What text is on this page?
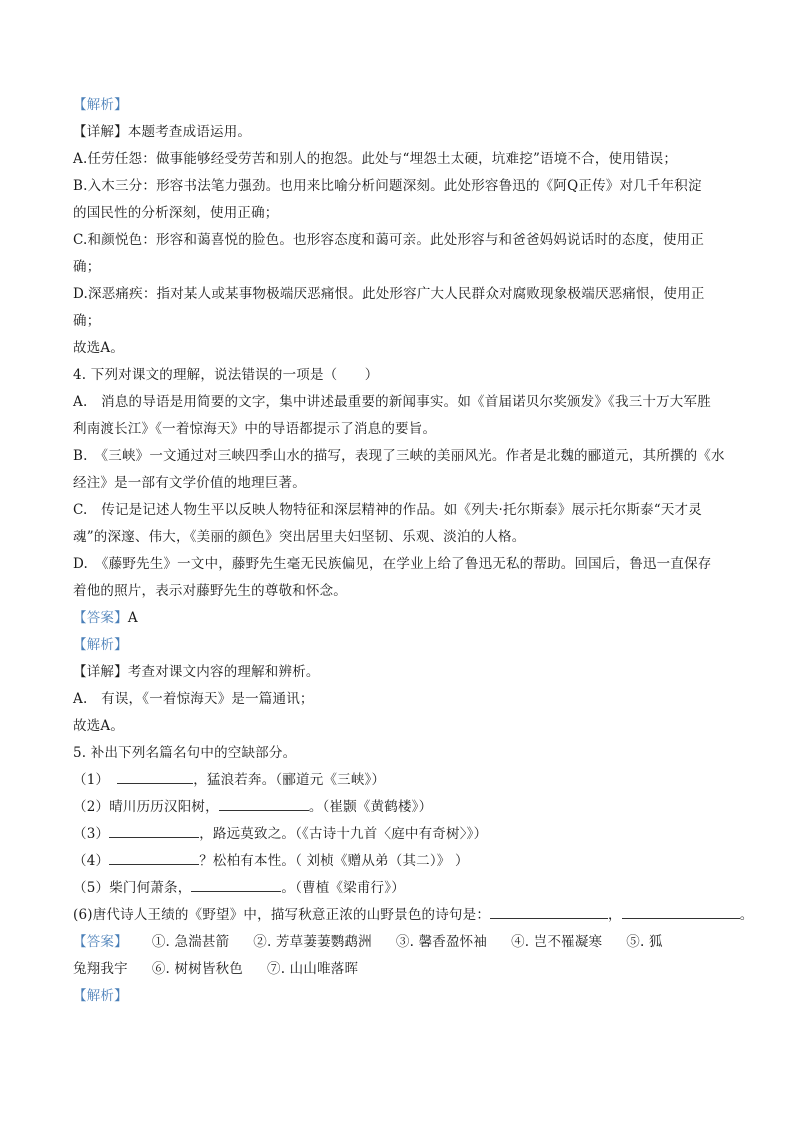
【解析】
【详解】本题考查成语运用。
A.任劳任怨：做事能够经受劳苦和别人的抱怨。此处与“埋怨土太硬，坑难挖”语境不合，使用错误；
B.入木三分：形容书法笔力强劲。也用来比喻分析问题深刻。此处形容鲁迅的《阿Q正传》对几千年积淀
的国民性的分析深刻，使用正确；
C.和颜悦色：形容和蔼喜悦的脸色。也形容态度和蔼可亲。此处形容与和爸爸妈妈说话时的态度，使用正
确；
D.深恶痛疾：指对某人或某事物极端厌恶痛恨。此处形容广大人民群众对腐败现象极端厌恶痛恨，使用正
确；
故选A。
4. 下列对课文的理解，说法错误的一项是（　　）
A.　消息的导语是用简要的文字，集中讲述最重要的新闻事实。如《首届诺贝尔奖颁发》《我三十万大军胜
利南渡长江》《一着惊海天》中的导语都提示了消息的要旨。
B.　《三峡》一文通过对三峡四季山水的描写，表现了三峡的美丽风光。作者是北魏的郦道元，其所撰的《水
经注》是一部有文学价值的地理巨著。
C.　传记是记述人物生平以反映人物特征和深层精神的作品。如《列夫·托尔斯泰》展示托尔斯泰“天才灵
魂”的深邃、伟大，《美丽的颜色》突出居里夫妇坚韧、乐观、淡泊的人格。
D.　《藤野先生》一文中，藤野先生毫无民族偏见，在学业上给了鲁迅无私的帮助。回国后，鲁迅一直保存
着他的照片，表示对藤野先生的尊敬和怀念。
【答案】A
【解析】
【详解】考查对课文内容的理解和辨析。
A.　有误，《一着惊海天》是一篇通讯；
故选A。
5. 补出下列名篇名句中的空缺部分。
（1）	，猛浪若奔。（郦道元《三峡》）
（2）晴川历历汉阳树，	。（崔颢《黄鹤楼》）
（3）	，路远莫致之。（《古诗十九首〈庭中有奇树〉》）
（4）	？松柏有本性。（ 刘桢《赠从弟（其二）》 ）
（5）柴门何萧条，	。（曹植《梁甫行》）
(6)唐代诗人王绩的《野望》中，描写秋意正浓的山野景色的诗句是：	，	。
【答案】 ①. 急湍甚箭 ②. 芳草萋萋鹦鹉洲 ③. 馨香盈怀袖 ④. 岂不罹凝寒 ⑤. 狐
兔翔我宇 ⑥. 树树皆秋色 ⑦. 山山唯落晖
【解析】
